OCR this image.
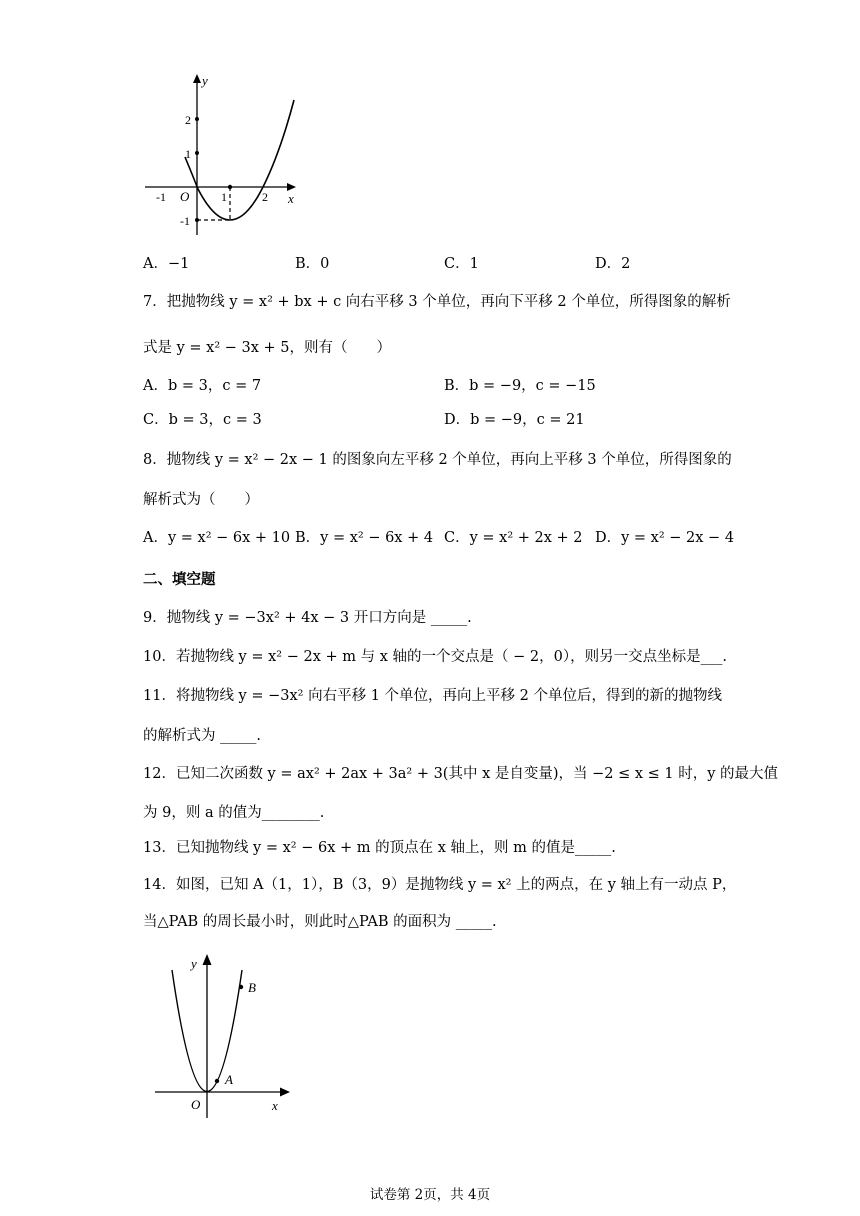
y
x
O
-1	1	2
1
2
-1
A．−1	B．0	C．1	D．2
7．把抛物线 y = x² + bx + c 向右平移 3 个单位，再向下平移 2 个单位，所得图象的解析
式是 y = x² − 3x + 5，则有（　　）
A．b = 3，c = 7	B．b = −9，c = −15
C．b = 3，c = 3	D．b = −9，c = 21
8．抛物线 y = x² − 2x − 1 的图象向左平移 2 个单位，再向上平移 3 个单位，所得图象的
解析式为（　　）
A．y = x² − 6x + 10 B．y = x² − 6x + 4 C．y = x² + 2x + 2 D．y = x² − 2x − 4
二、填空题
9．抛物线 y = −3x² + 4x − 3 开口方向是 _____.
10．若抛物线 y = x² − 2x + m 与 x 轴的一个交点是（ − 2，0），则另一交点坐标是___.
11．将抛物线 y = −3x² 向右平移 1 个单位，再向上平移 2 个单位后，得到的新的抛物线
的解析式为 _____.
12．已知二次函数 y = ax² + 2ax + 3a² + 3(其中 x 是自变量)，当 −2 ≤ x ≤ 1 时，y 的最大值
为 9，则 a 的值为________.
13．已知抛物线 y = x² − 6x + m 的顶点在 x 轴上，则 m 的值是_____.
14．如图，已知 A（1，1），B（3，9）是抛物线 y = x² 上的两点，在 y 轴上有一动点 P，
当△PAB 的周长最小时，则此时△PAB 的面积为 _____.
y
x
O
A
B
试卷第 2页，共 4页
